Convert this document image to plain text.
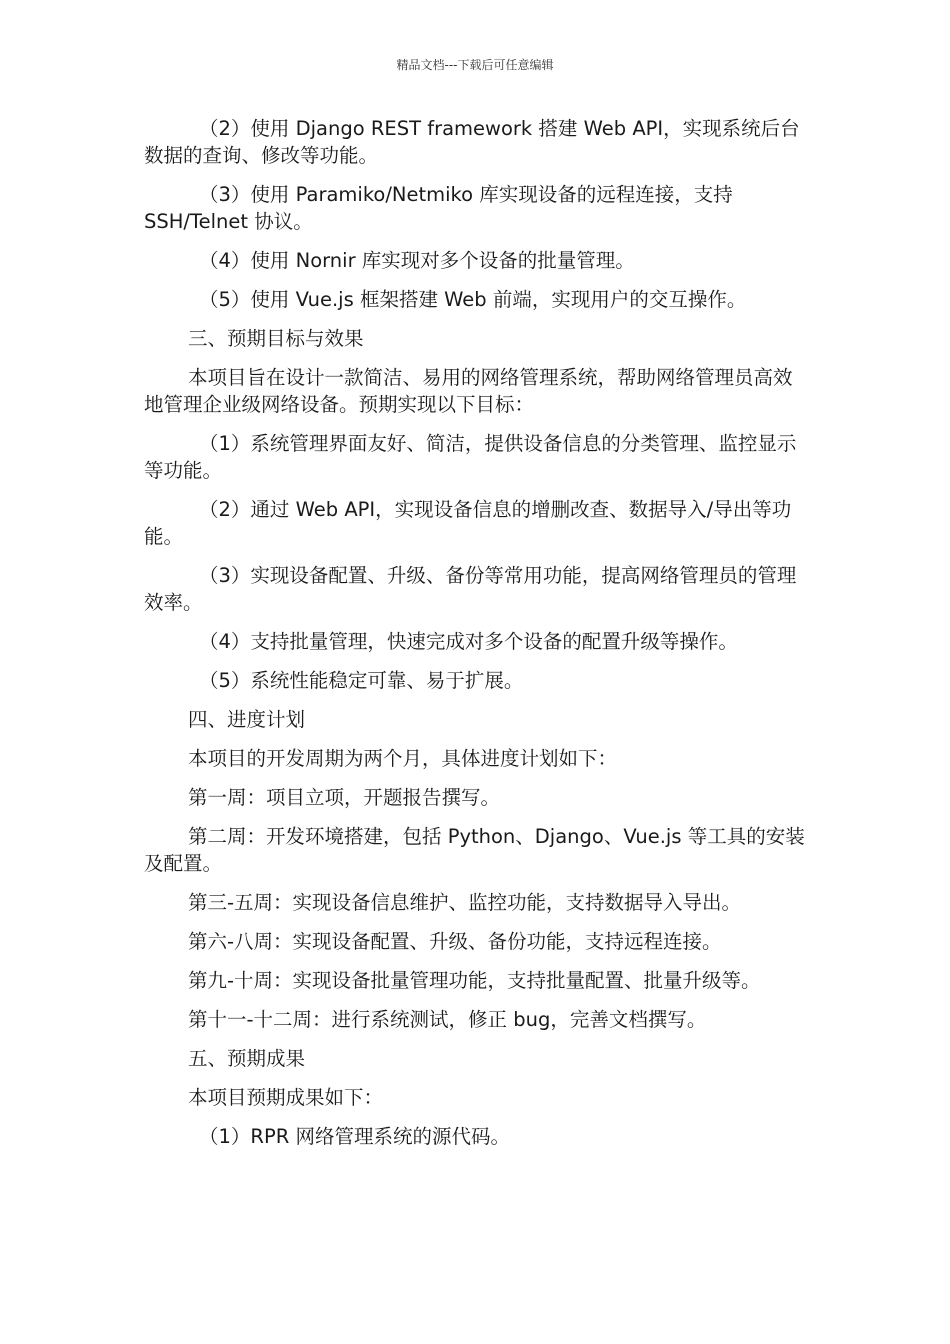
精品文档---下载后可任意编辑

（2）使用 Django REST framework 搭建 Web API，实现系统后台数据的查询、修改等功能。

（3）使用 Paramiko/Netmiko 库实现设备的远程连接，支持 SSH/Telnet 协议。

（4）使用 Nornir 库实现对多个设备的批量管理。

（5）使用 Vue.js 框架搭建 Web 前端，实现用户的交互操作。

三、预期目标与效果

本项目旨在设计一款简洁、易用的网络管理系统，帮助网络管理员高效地管理企业级网络设备。预期实现以下目标：

（1）系统管理界面友好、简洁，提供设备信息的分类管理、监控显示等功能。

（2）通过 Web API，实现设备信息的增删改查、数据导入/导出等功能。

（3）实现设备配置、升级、备份等常用功能，提高网络管理员的管理效率。

（4）支持批量管理，快速完成对多个设备的配置升级等操作。

（5）系统性能稳定可靠、易于扩展。

四、进度计划

本项目的开发周期为两个月，具体进度计划如下：

第一周：项目立项，开题报告撰写。

第二周：开发环境搭建，包括 Python、Django、Vue.js 等工具的安装及配置。

第三-五周：实现设备信息维护、监控功能，支持数据导入导出。

第六-八周：实现设备配置、升级、备份功能，支持远程连接。

第九-十周：实现设备批量管理功能，支持批量配置、批量升级等。

第十一-十二周：进行系统测试，修正 bug，完善文档撰写。

五、预期成果

本项目预期成果如下：

（1）RPR 网络管理系统的源代码。
